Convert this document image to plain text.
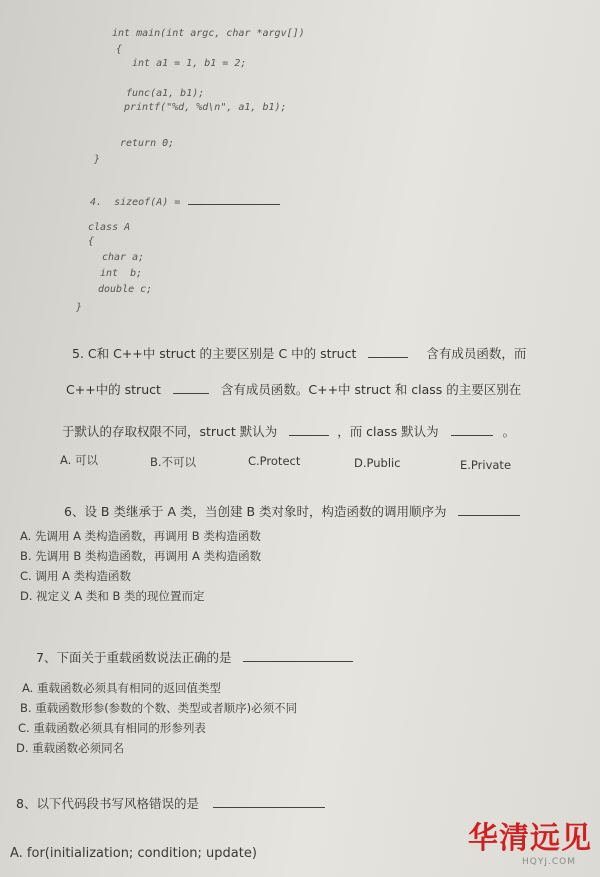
int main(int argc, char *argv[])
{
int a1 = 1, b1 = 2;
func(a1, b1);
printf("%d, %d\n", a1, b1);
return 0;
}
4.  sizeof(A) =
class A
{
char a;
int  b;
double c;
}
5. C和 C++中 struct 的主要区别是 C 中的 struct	含有成员函数，而
C++中的 struct	含有成员函数。C++中 struct 和 class 的主要区别在
于默认的存取权限不同，struct 默认为	，而 class 默认为	。
A. 可以	B.不可以	C.Protect	D.Public	E.Private
6、设 B 类继承于 A 类，当创建 B 类对象时，构造函数的调用顺序为
A. 先调用 A 类构造函数，再调用 B 类构造函数
B. 先调用 B 类构造函数，再调用 A 类构造函数
C. 调用 A 类构造函数
D. 视定义 A 类和 B 类的现位置而定
7、下面关于重载函数说法正确的是
A. 重载函数必须具有相同的返回值类型
B. 重载函数形参(参数的个数、类型或者顺序)必须不同
C. 重载函数必须具有相同的形参列表
D. 重载函数必须同名
8、以下代码段书写风格错误的是
A. for(initialization; condition; update)	华清远见
HQYJ.COM
